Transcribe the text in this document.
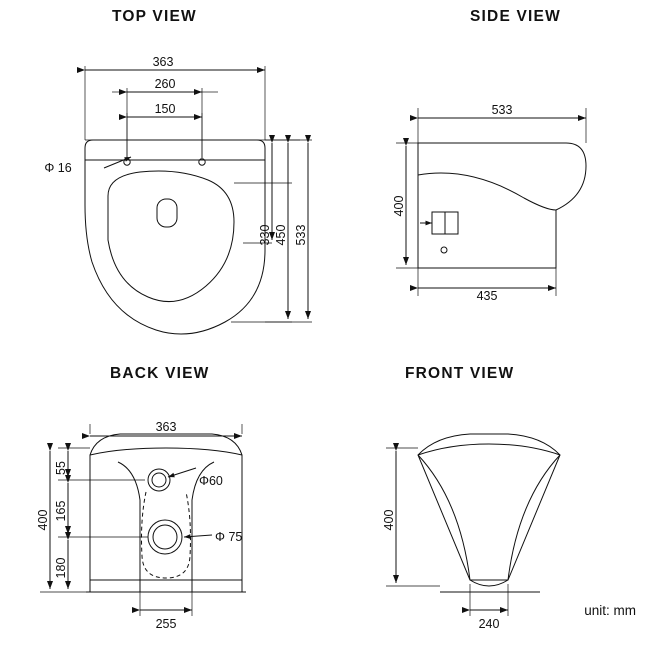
TOP VIEW	SIDE VIEW
BACK VIEW	FRONT VIEW
unit: mm
363
260
150
533
450
330
Φ 16
533
435
400
363
255
400
55
165
180
Φ60
Φ 75
400
240
